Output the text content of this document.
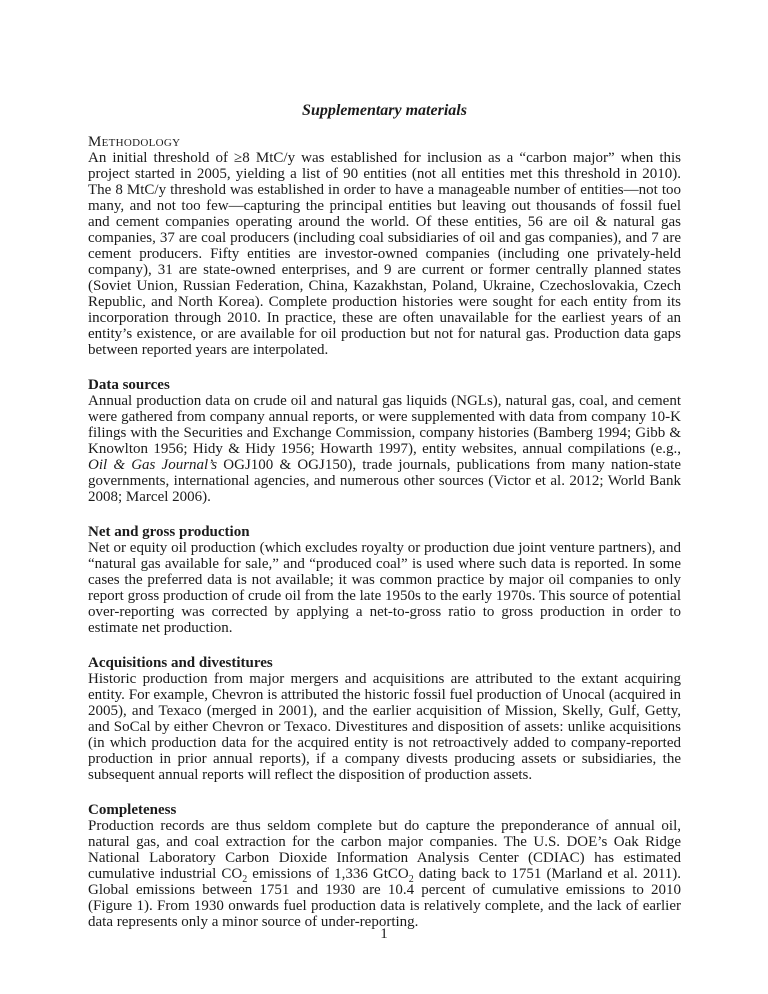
Supplementary materials
Methodology

An initial threshold of ≥8 MtC/y was established for inclusion as a “carbon major” when this project started in 2005, yielding a list of 90 entities (not all entities met this threshold in 2010). The 8 MtC/y threshold was established in order to have a manageable number of entities—not too many, and not too few—capturing the principal entities but leaving out thousands of fossil fuel and cement companies operating around the world. Of these entities, 56 are oil & natural gas companies, 37 are coal producers (including coal subsidiaries of oil and gas companies), and 7 are cement producers. Fifty entities are investor-owned companies (including one privately-held company), 31 are state-owned enterprises, and 9 are current or former centrally planned states (Soviet Union, Russian Federation, China, Kazakhstan, Poland, Ukraine, Czechoslovakia, Czech Republic, and North Korea). Complete production histories were sought for each entity from its incorporation through 2010. In practice, these are often unavailable for the earliest years of an entity’s existence, or are available for oil production but not for natural gas. Production data gaps between reported years are interpolated.

Data sources

Annual production data on crude oil and natural gas liquids (NGLs), natural gas, coal, and cement were gathered from company annual reports, or were supplemented with data from company 10-K filings with the Securities and Exchange Commission, company histories (Bamberg 1994; Gibb & Knowlton 1956; Hidy & Hidy 1956; Howarth 1997), entity websites, annual compilations (e.g., Oil & Gas Journal’s OGJ100 & OGJ150), trade journals, publications from many nation-state governments, international agencies, and numerous other sources (Victor et al. 2012; World Bank 2008; Marcel 2006).

Net and gross production

Net or equity oil production (which excludes royalty or production due joint venture partners), and “natural gas available for sale,” and “produced coal” is used where such data is reported. In some cases the preferred data is not available; it was common practice by major oil companies to only report gross production of crude oil from the late 1950s to the early 1970s. This source of potential over-reporting was corrected by applying a net-to-gross ratio to gross production in order to estimate net production.

Acquisitions and divestitures

Historic production from major mergers and acquisitions are attributed to the extant acquiring entity. For example, Chevron is attributed the historic fossil fuel production of Unocal (acquired in 2005), and Texaco (merged in 2001), and the earlier acquisition of Mission, Skelly, Gulf, Getty, and SoCal by either Chevron or Texaco. Divestitures and disposition of assets: unlike acquisitions (in which production data for the acquired entity is not retroactively added to company-reported production in prior annual reports), if a company divests producing assets or subsidiaries, the subsequent annual reports will reflect the disposition of production assets.

Completeness

Production records are thus seldom complete but do capture the preponderance of annual oil, natural gas, and coal extraction for the carbon major companies. The U.S. DOE’s Oak Ridge National Laboratory Carbon Dioxide Information Analysis Center (CDIAC) has estimated cumulative industrial $CO_2$ emissions of 1,336 GtCO$_2$ dating back to 1751 (Marland et al. 2011). Global emissions between 1751 and 1930 are 10.4 percent of cumulative emissions to 2010 (Figure 1). From 1930 onwards fuel production data is relatively complete, and the lack of earlier data represents only a minor source of under-reporting.

1
